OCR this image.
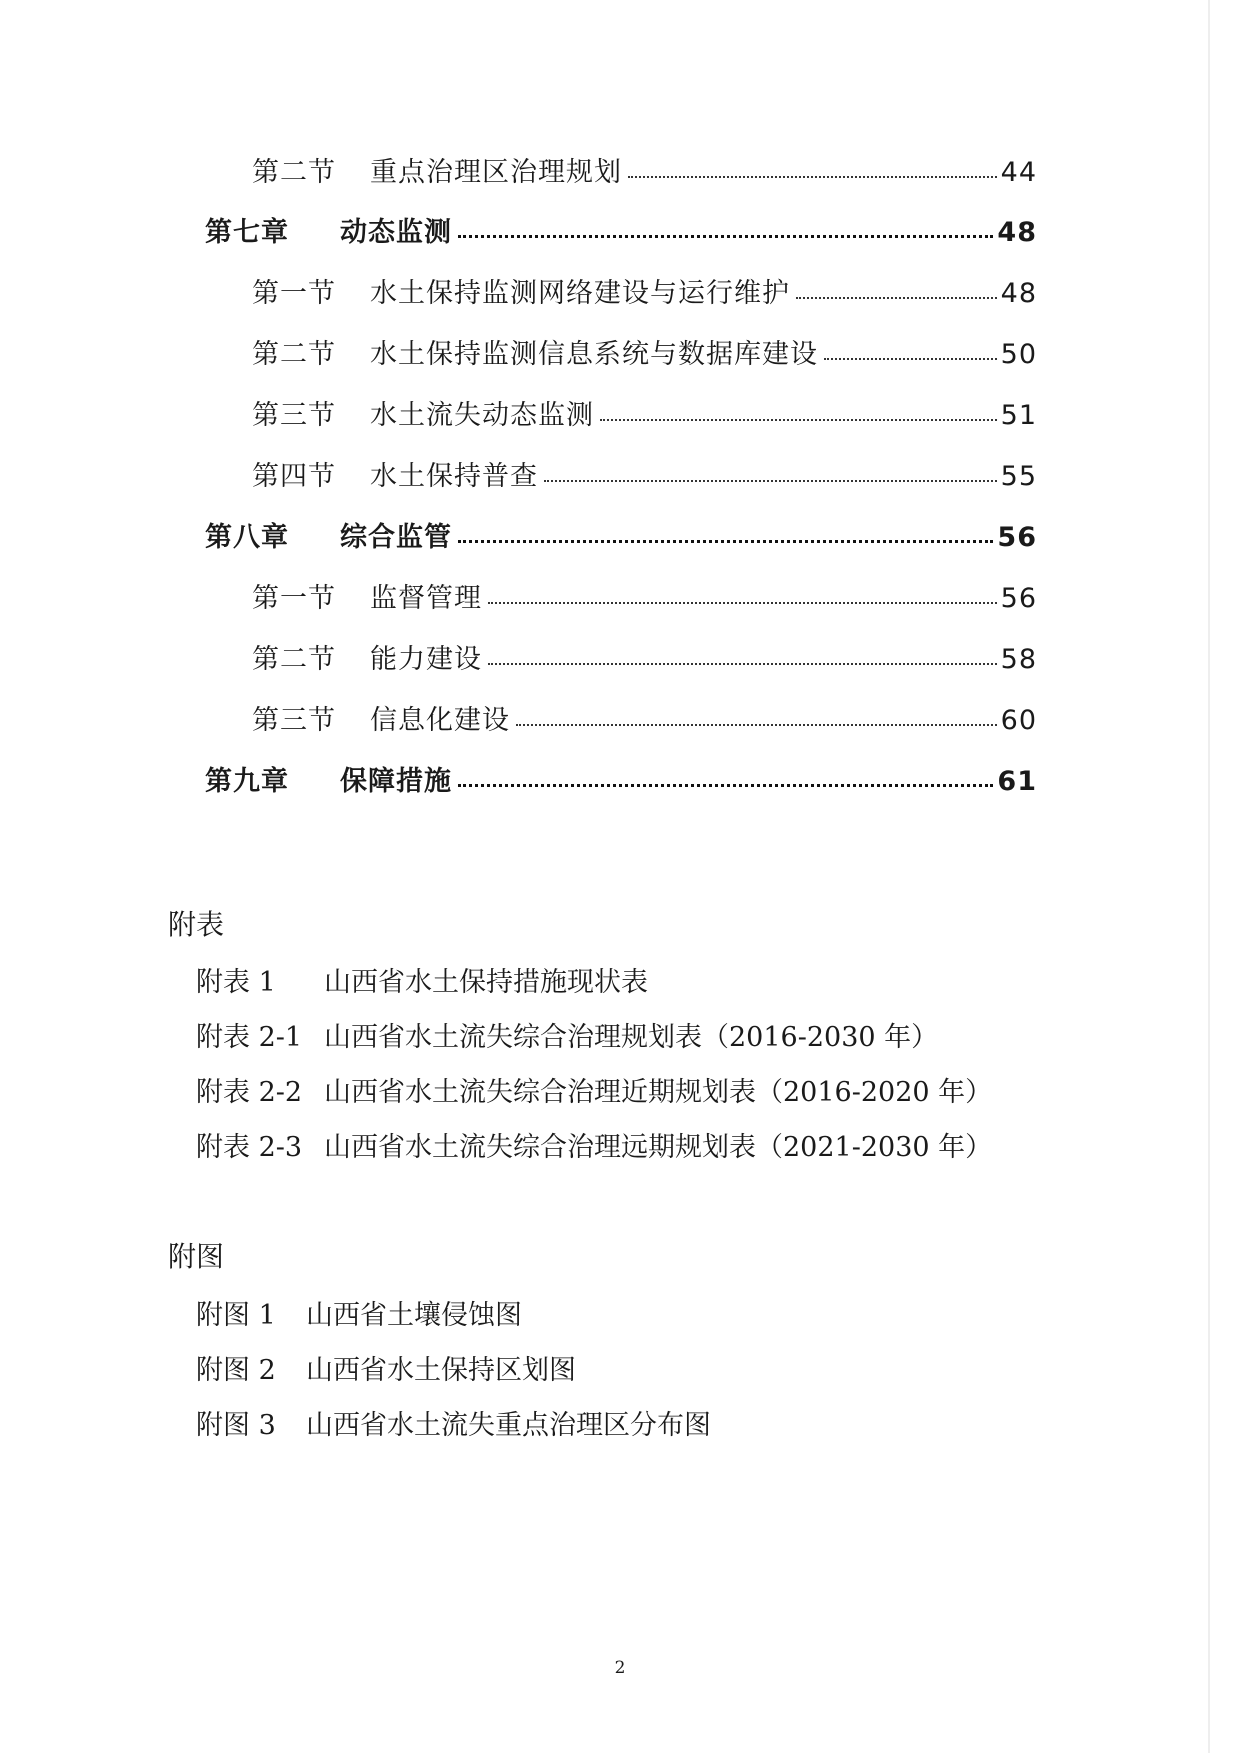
第二节	重点治理区治理规划	44
第七章	动态监测	48
第一节	水土保持监测网络建设与运行维护	48
第二节	水土保持监测信息系统与数据库建设	50
第三节	水土流失动态监测	51
第四节	水土保持普查	55
第八章	综合监管	56
第一节	监督管理	56
第二节	能力建设	58
第三节	信息化建设	60
第九章	保障措施	61
附表
附表 1	山西省水土保持措施现状表
附表 2-1 山西省水土流失综合治理规划表（2016-2030 年）
附表 2-2 山西省水土流失综合治理近期规划表（2016-2020 年）
附表 2-3 山西省水土流失综合治理远期规划表（2021-2030 年）
附图
附图 1	山西省土壤侵蚀图
附图 2	山西省水土保持区划图
附图 3	山西省水土流失重点治理区分布图
2
